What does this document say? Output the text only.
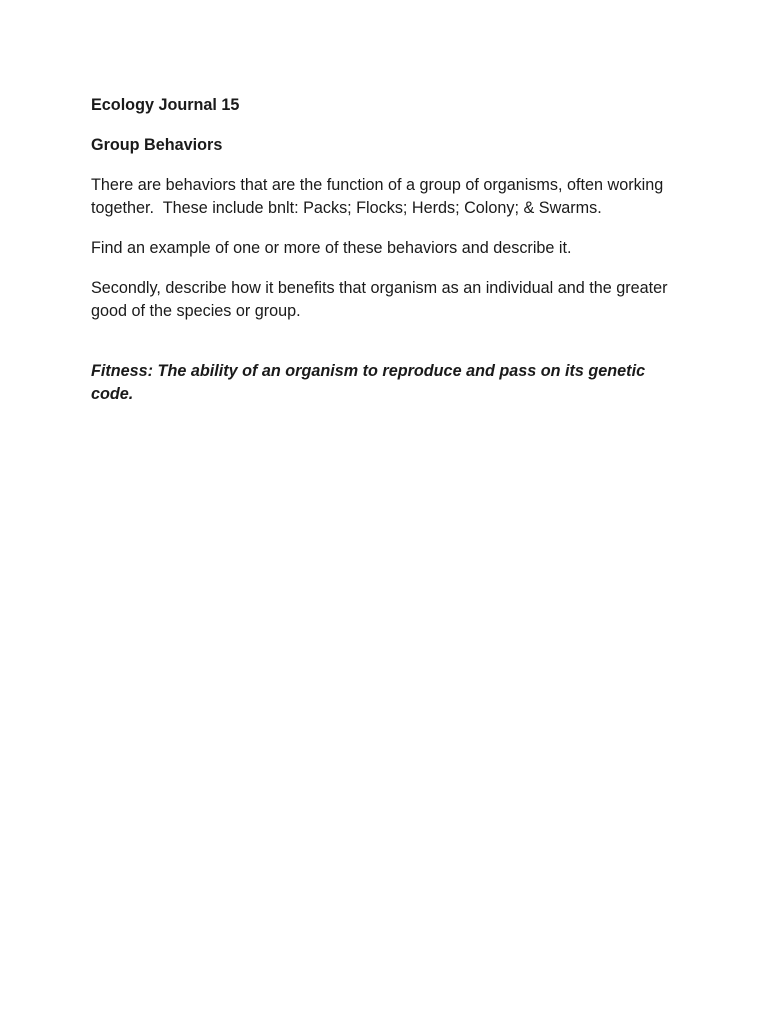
Ecology Journal 15
Group Behaviors

There are behaviors that are the function of a group of organisms, often working
together.  These include bnlt: Packs; Flocks; Herds; Colony; & Swarms.

Find an example of one or more of these behaviors and describe it.

Secondly, describe how it benefits that organism as an individual and the greater
good of the species or group.

Fitness: The ability of an organism to reproduce and pass on its genetic code.
